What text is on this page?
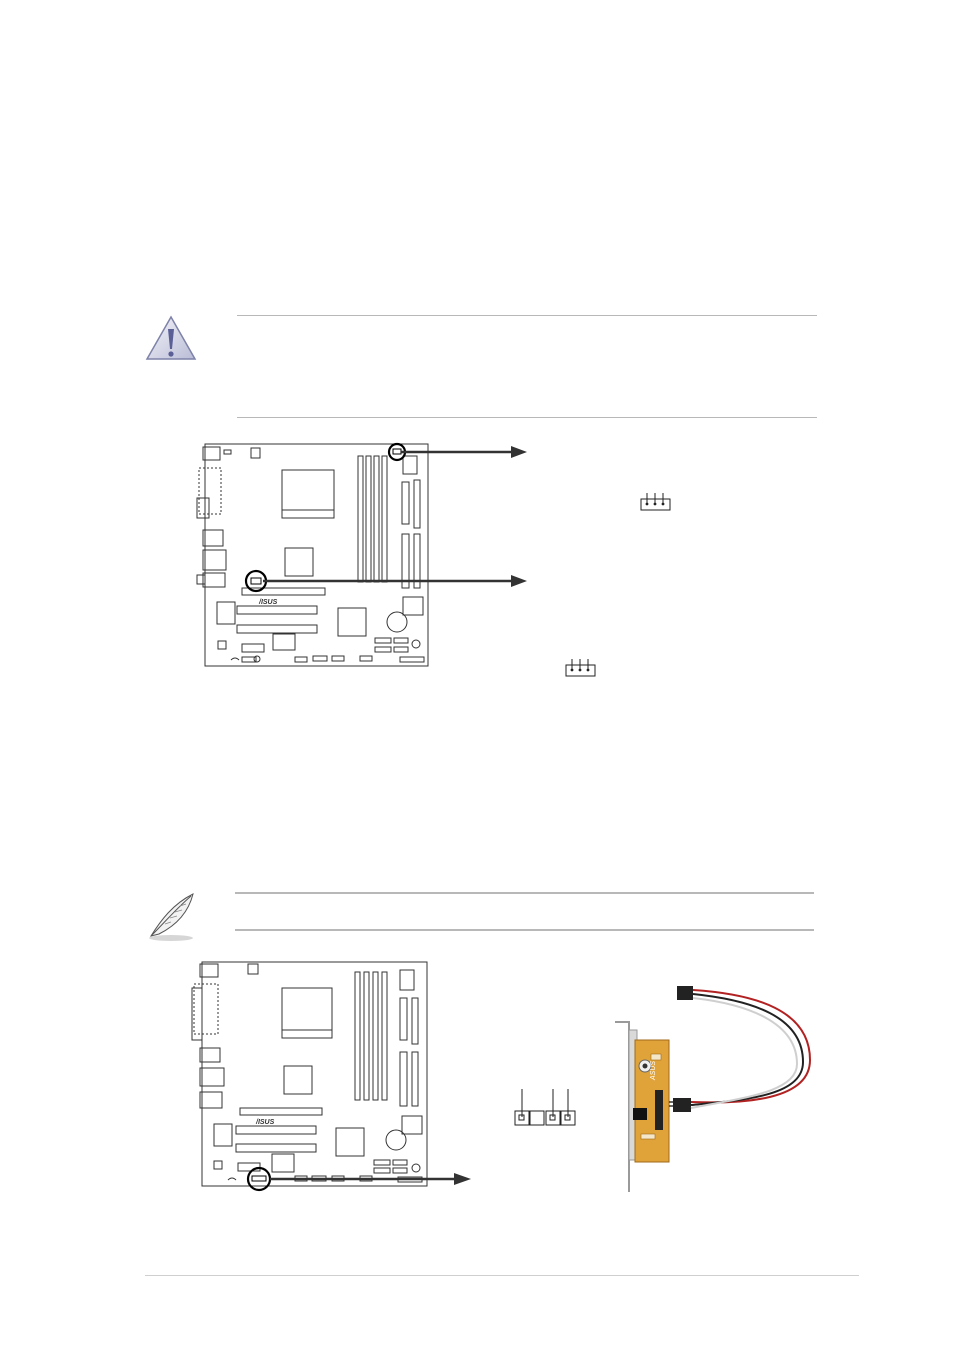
/ISUS
/ISUS
ASUS
